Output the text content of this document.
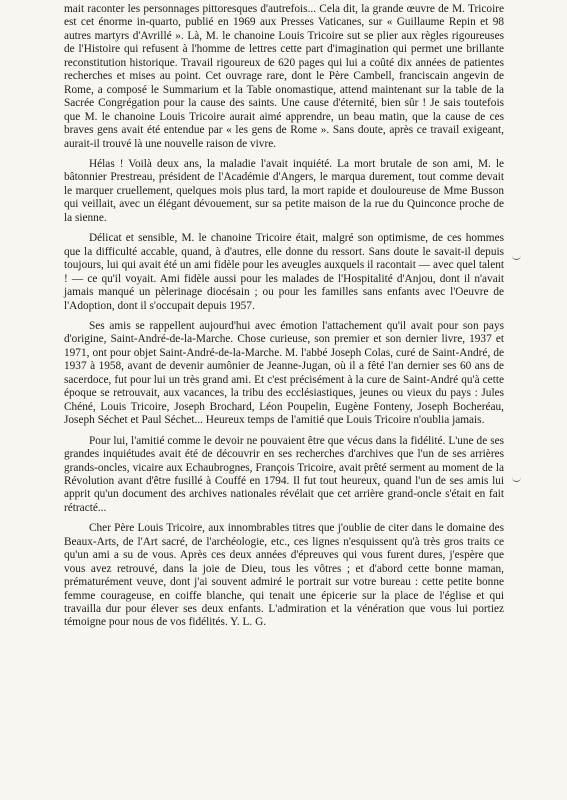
mait raconter les personnages pittoresques d'autrefois... Cela dit, la grande œuvre de M. Tricoire est cet énorme in-quarto, publié en 1969 aux Presses Vaticanes, sur « Guillaume Repin et 98 autres martyrs d'Avrillé ». Là, M. le chanoine Louis Tricoire sut se plier aux règles rigoureuses de l'Histoire qui refusent à l'homme de lettres cette part d'imagination qui permet une brillante reconstitution historique. Travail rigoureux de 620 pages qui lui a coûté dix années de patientes recherches et mises au point. Cet ouvrage rare, dont le Père Cambell, franciscain angevin de Rome, a composé le Summarium et la Table onomastique, attend maintenant sur la table de la Sacrée Congrégation pour la cause des saints. Une cause d'éternité, bien sûr ! Je sais toutefois que M. le chanoine Louis Tricoire aurait aimé apprendre, un beau matin, que la cause de ces braves gens avait été entendue par « les gens de Rome ». Sans doute, après ce travail exigeant, aurait-il trouvé là une nouvelle raison de vivre.

Hélas ! Voilà deux ans, la maladie l'avait inquiété. La mort brutale de son ami, M. le bâtonnier Prestreau, président de l'Académie d'Angers, le marqua durement, tout comme devait le marquer cruellement, quelques mois plus tard, la mort rapide et douloureuse de Mme Busson qui veillait, avec un élégant dévouement, sur sa petite maison de la rue du Quinconce proche de la sienne.

Délicat et sensible, M. le chanoine Tricoire était, malgré son optimisme, de ces hommes que la difficulté accable, quand, à d'autres, elle donne du ressort. Sans doute le savait-il depuis toujours, lui qui avait été un ami fidèle pour les aveugles auxquels il racontait — avec quel talent ! — ce qu'il voyait. Ami fidèle aussi pour les malades de l'Hospitalité d'Anjou, dont il n'avait jamais manqué un pèlerinage diocésain ; ou pour les familles sans enfants avec l'Oeuvre de l'Adoption, dont il s'occupait depuis 1957.

Ses amis se rappellent aujourd'hui avec émotion l'attachement qu'il avait pour son pays d'origine, Saint-André-de-la-Marche. Chose curieuse, son premier et son dernier livre, 1937 et 1971, ont pour objet Saint-André-de-la-Marche. M. l'abbé Joseph Colas, curé de Saint-André, de 1937 à 1958, avant de devenir aumônier de Jeanne-Jugan, où il a fêté l'an dernier ses 60 ans de sacerdoce, fut pour lui un très grand ami. Et c'est précisément à la cure de Saint-André qu'à cette époque se retrouvait, aux vacances, la tribu des ecclésiastiques, jeunes ou vieux du pays : Jules Chéné, Louis Tricoire, Joseph Brochard, Léon Poupelin, Eugène Fonteny, Joseph Bocheréau, Joseph Séchet et Paul Séchet... Heureux temps de l'amitié que Louis Tricoire n'oublia jamais.

Pour lui, l'amitié comme le devoir ne pouvaient être que vécus dans la fidélité. L'une de ses grandes inquiétudes avait été de découvrir en ses recherches d'archives que l'un de ses arrières grands-oncles, vicaire aux Echaubrognes, François Tricoire, avait prêté serment au moment de la Révolution avant d'être fusillé à Couffé en 1794. Il fut tout heureux, quand l'un de ses amis lui apprit qu'un document des archives nationales révélait que cet arrière grand-oncle s'était en fait rétracté...

Cher Père Louis Tricoire, aux innombrables titres que j'oublie de citer dans le domaine des Beaux-Arts, de l'Art sacré, de l'archéologie, etc., ces lignes n'esquissent qu'à très gros traits ce qu'un ami a su de vous. Après ces deux années d'épreuves qui vous furent dures, j'espère que vous avez retrouvé, dans la joie de Dieu, tous les vôtres ; et d'abord cette bonne maman, prématurément veuve, dont j'ai souvent admiré le portrait sur votre bureau : cette petite bonne femme courageuse, en coiffe blanche, qui tenait une épicerie sur la place de l'église et qui travailla dur pour élever ses deux enfants. L'admiration et la vénération que vous lui portiez témoigne pour nous de vos fidélités. Y. L. G.
